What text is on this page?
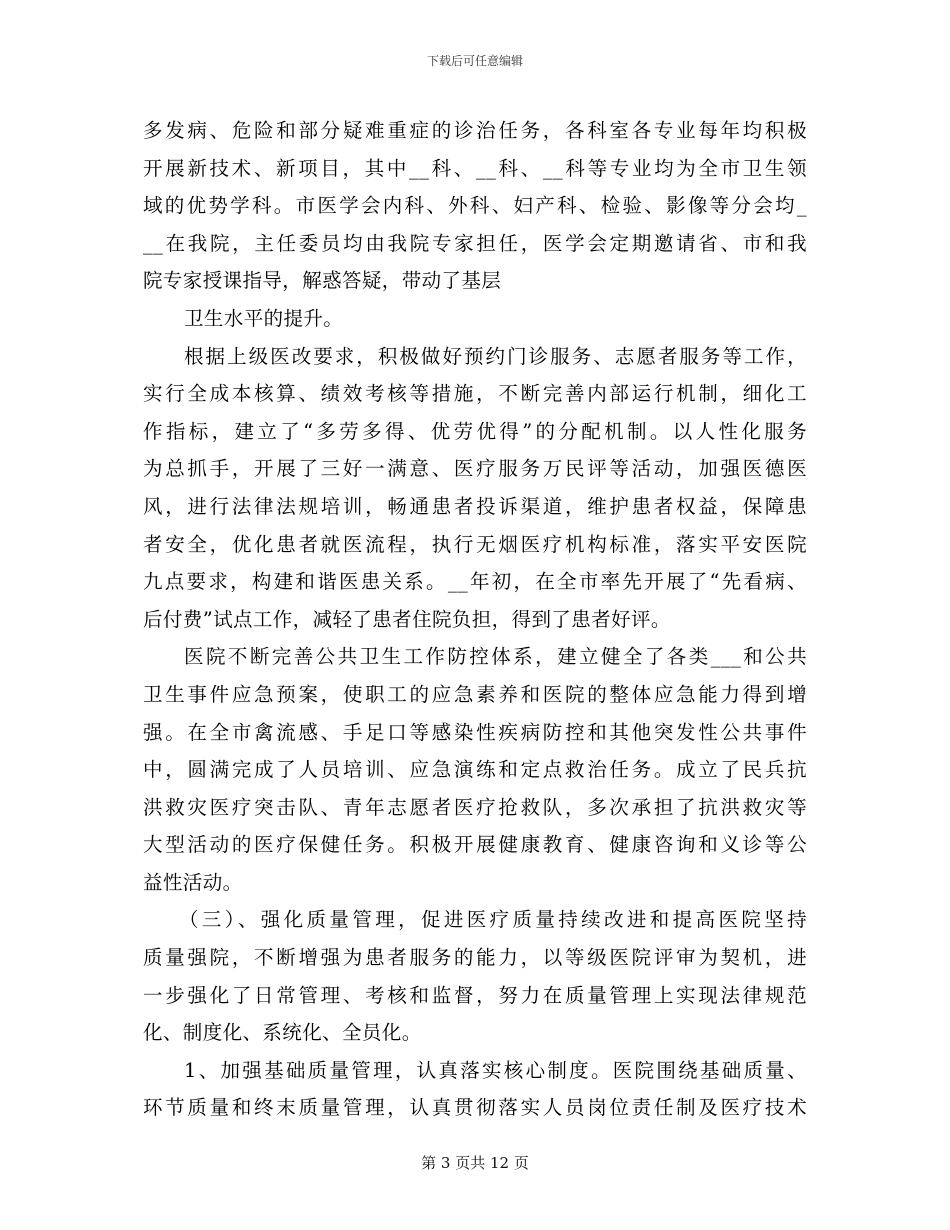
下载后可任意编辑
多发病、危险和部分疑难重症的诊治任务，各科室各专业每年均积极
开展新技术、新项目，其中__科、__科、__科等专业均为全市卫生领
域的优势学科。市医学会内科、外科、妇产科、检验、影像等分会均_
__在我院，主任委员均由我院专家担任，医学会定期邀请省、市和我
院专家授课指导，解惑答疑，带动了基层
卫生水平的提升。
根据上级医改要求，积极做好预约门诊服务、志愿者服务等工作，
实行全成本核算、绩效考核等措施，不断完善内部运行机制，细化工
作指标，建立了“多劳多得、优劳优得”的分配机制。以人性化服务
为总抓手，开展了三好一满意、医疗服务万民评等活动，加强医德医
风，进行法律法规培训，畅通患者投诉渠道，维护患者权益，保障患
者安全，优化患者就医流程，执行无烟医疗机构标准，落实平安医院
九点要求，构建和谐医患关系。__年初，在全市率先开展了“先看病、
后付费”试点工作，减轻了患者住院负担，得到了患者好评。
医院不断完善公共卫生工作防控体系，建立健全了各类___和公共
卫生事件应急预案，使职工的应急素养和医院的整体应急能力得到增
强。在全市禽流感、手足口等感染性疾病防控和其他突发性公共事件
中，圆满完成了人员培训、应急演练和定点救治任务。成立了民兵抗
洪救灾医疗突击队、青年志愿者医疗抢救队，多次承担了抗洪救灾等
大型活动的医疗保健任务。积极开展健康教育、健康咨询和义诊等公
益性活动。
（三）、强化质量管理，促进医疗质量持续改进和提高医院坚持
质量强院，不断增强为患者服务的能力，以等级医院评审为契机，进
一步强化了日常管理、考核和监督，努力在质量管理上实现法律规范
化、制度化、系统化、全员化。
1、加强基础质量管理，认真落实核心制度。医院围绕基础质量、
环节质量和终末质量管理，认真贯彻落实人员岗位责任制及医疗技术
第 3 页共 12 页
